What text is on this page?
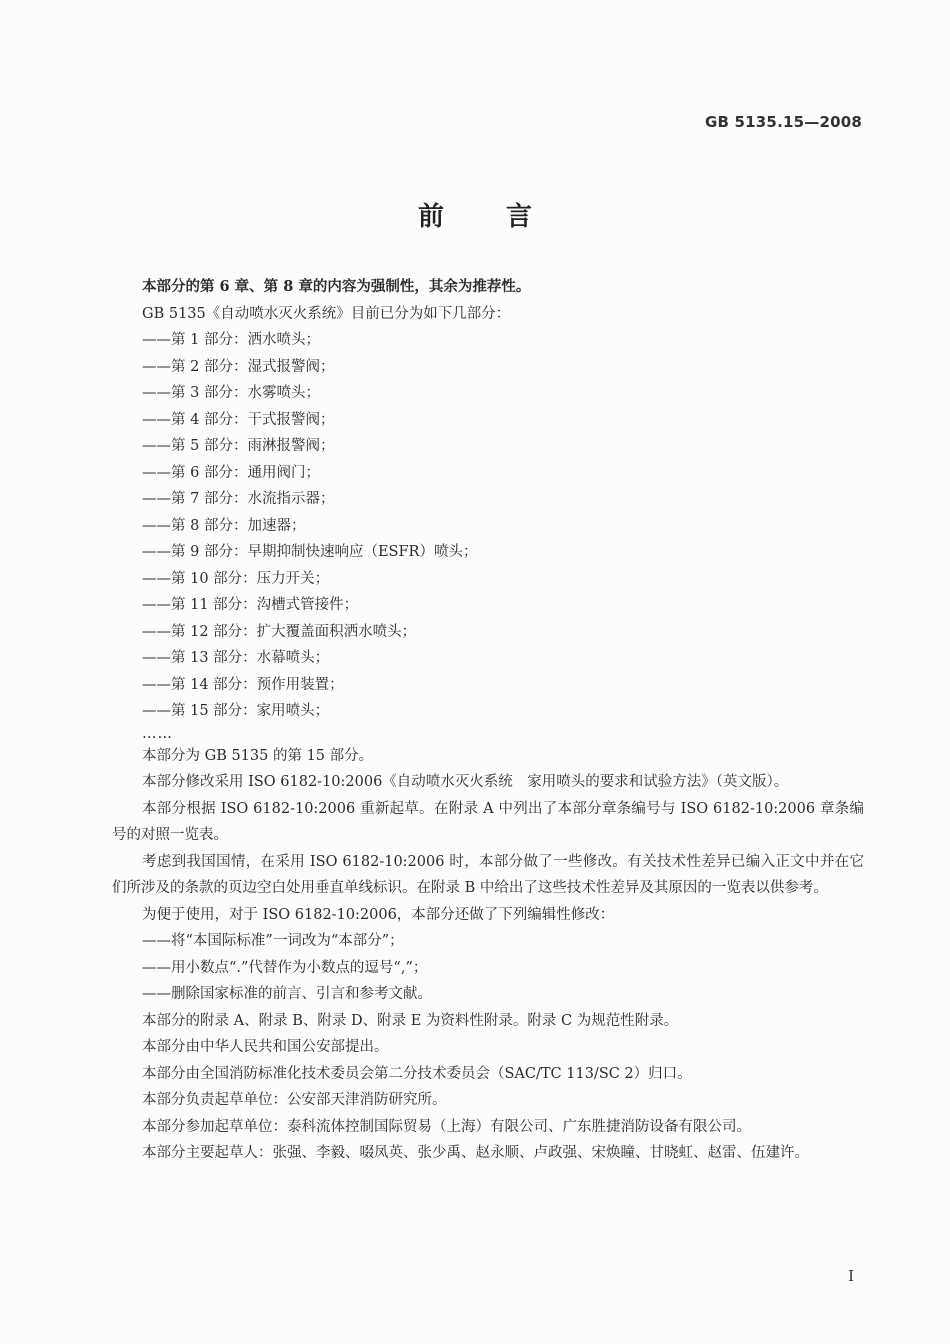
GB 5135.15—2008
前言
本部分的第 6 章、第 8 章的内容为强制性，其余为推荐性。
GB 5135《自动喷水灭火系统》目前已分为如下几部分：
——第 1 部分：洒水喷头；
——第 2 部分：湿式报警阀；
——第 3 部分：水雾喷头；
——第 4 部分：干式报警阀；
——第 5 部分：雨淋报警阀；
——第 6 部分：通用阀门；
——第 7 部分：水流指示器；
——第 8 部分：加速器；
——第 9 部分：早期抑制快速响应（ESFR）喷头；
——第 10 部分：压力开关；
——第 11 部分：沟槽式管接件；
——第 12 部分：扩大覆盖面积洒水喷头；
——第 13 部分：水幕喷头；
——第 14 部分：预作用装置；
——第 15 部分：家用喷头；
……
本部分为 GB 5135 的第 15 部分。
本部分修改采用 ISO 6182-10:2006《自动喷水灭火系统　家用喷头的要求和试验方法》（英文版）。
本部分根据 ISO 6182-10:2006 重新起草。在附录 A 中列出了本部分章条编号与 ISO 6182-10:2006 章条编号的对照一览表。
考虑到我国国情，在采用 ISO 6182-10:2006 时，本部分做了一些修改。有关技术性差异已编入正文中并在它们所涉及的条款的页边空白处用垂直单线标识。在附录 B 中给出了这些技术性差异及其原因的一览表以供参考。
为便于使用，对于 ISO 6182-10:2006，本部分还做了下列编辑性修改：
——将“本国际标准”一词改为“本部分”；
——用小数点“.”代替作为小数点的逗号“,”；
——删除国家标准的前言、引言和参考文献。
本部分的附录 A、附录 B、附录 D、附录 E 为资料性附录。附录 C 为规范性附录。
本部分由中华人民共和国公安部提出。
本部分由全国消防标准化技术委员会第二分技术委员会（SAC/TC 113/SC 2）归口。
本部分负责起草单位：公安部天津消防研究所。
本部分参加起草单位：泰科流体控制国际贸易（上海）有限公司、广东胜捷消防设备有限公司。
本部分主要起草人：张强、李毅、啜凤英、张少禹、赵永顺、卢政强、宋焕瞳、甘晓虹、赵雷、伍建许。
I
